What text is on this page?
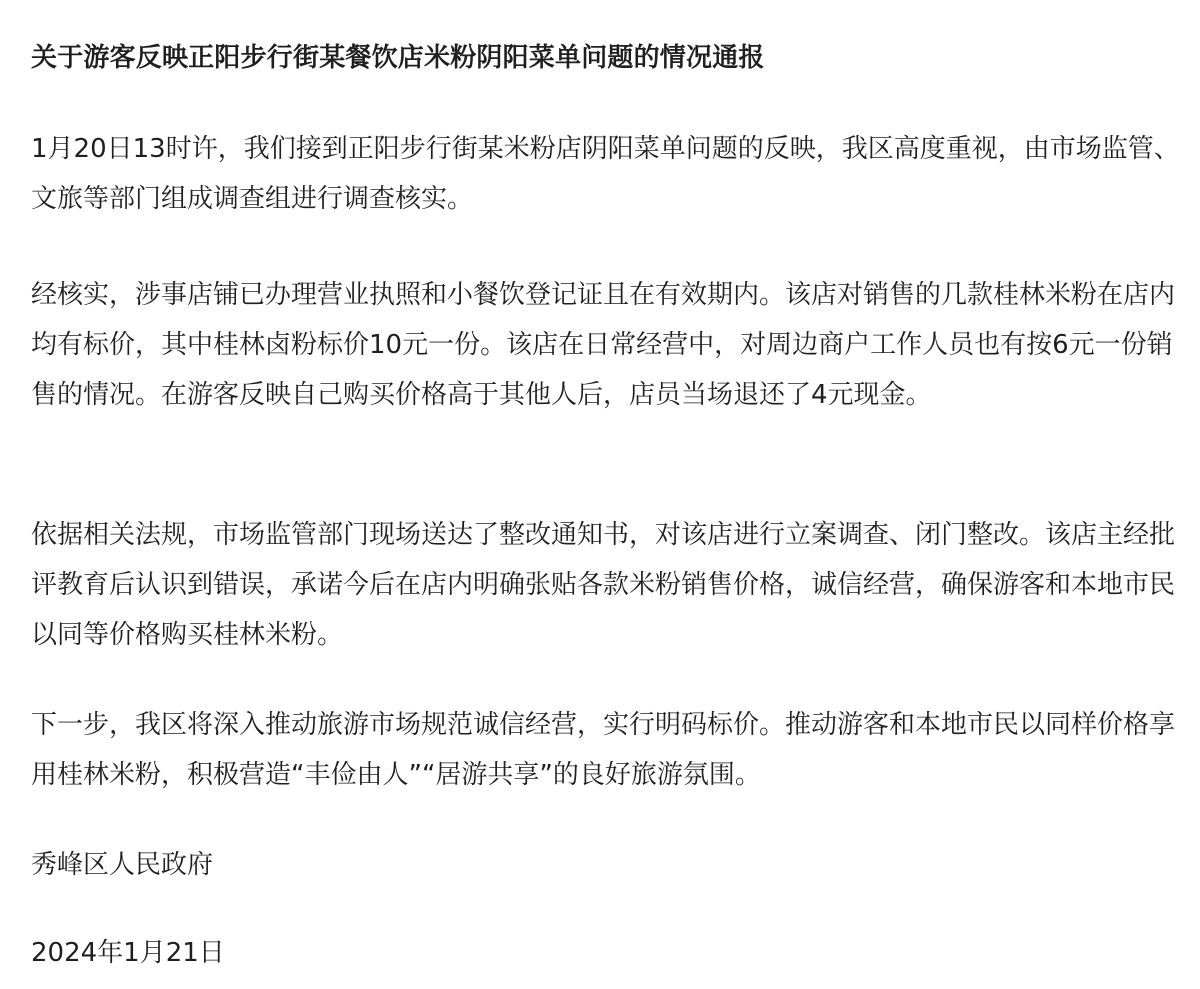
关于游客反映正阳步行街某餐饮店米粉阴阳菜单问题的情况通报

1月20日13时许，我们接到正阳步行街某米粉店阴阳菜单问题的反映，我区高度重视，由市场监管、文旅等部门组成调查组进行调查核实。

经核实，涉事店铺已办理营业执照和小餐饮登记证且在有效期内。该店对销售的几款桂林米粉在店内均有标价，其中桂林卤粉标价10元一份。该店在日常经营中，对周边商户工作人员也有按6元一份销售的情况。在游客反映自己购买价格高于其他人后，店员当场退还了4元现金。

依据相关法规，市场监管部门现场送达了整改通知书，对该店进行立案调查、闭门整改。该店主经批评教育后认识到错误，承诺今后在店内明确张贴各款米粉销售价格，诚信经营，确保游客和本地市民以同等价格购买桂林米粉。

下一步，我区将深入推动旅游市场规范诚信经营，实行明码标价。推动游客和本地市民以同样价格享用桂林米粉，积极营造“丰俭由人”“居游共享”的良好旅游氛围。

秀峰区人民政府

2024年1月21日
